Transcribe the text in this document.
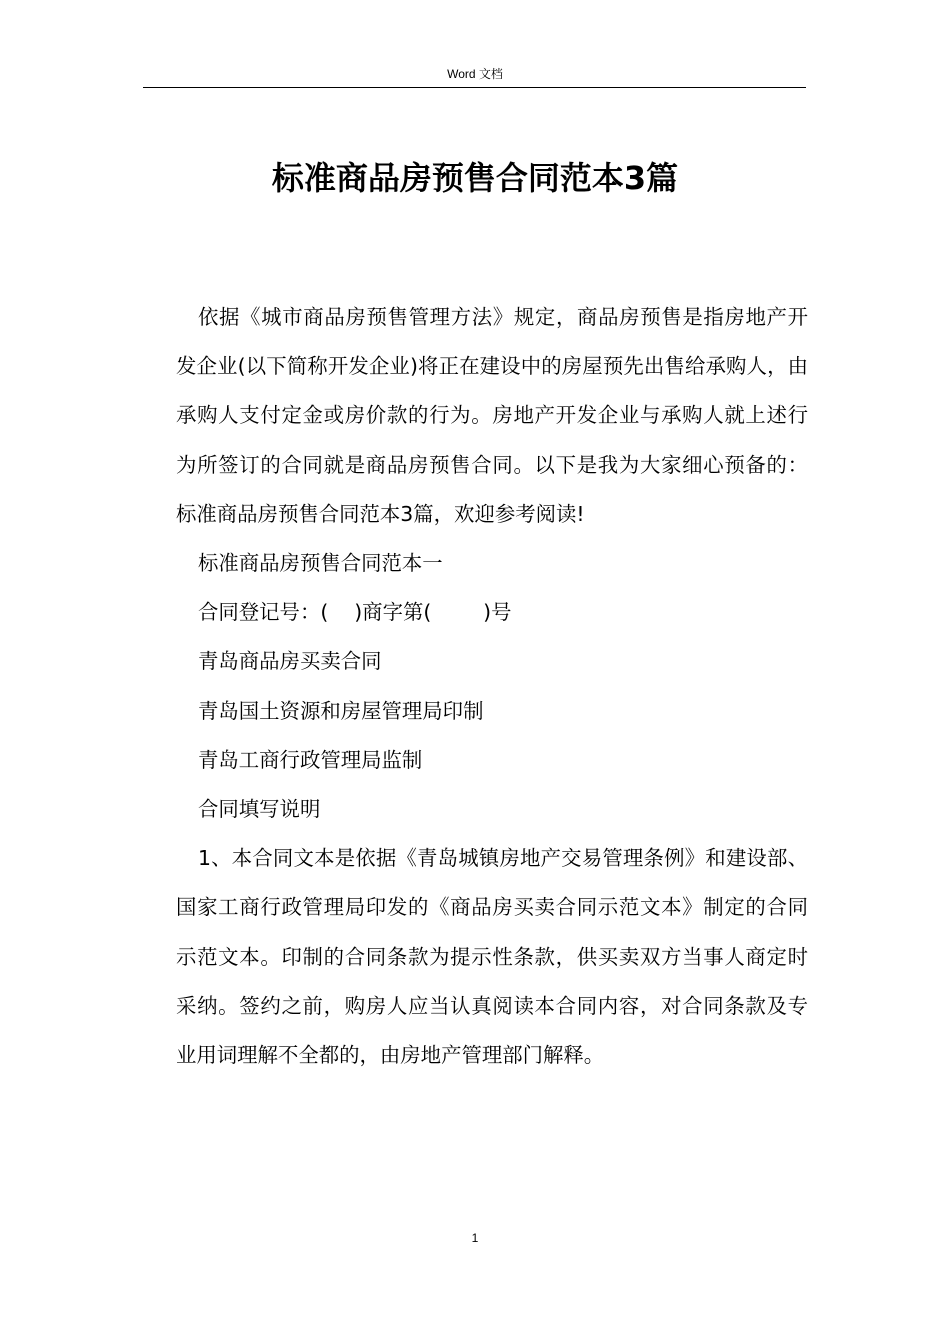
Word 文档
标准商品房预售合同范本3篇

依据《城市商品房预售管理方法》规定，商品房预售是指房地产开发企业(以下简称开发企业)将正在建设中的房屋预先出售给承购人，由承购人支付定金或房价款的行为。房地产开发企业与承购人就上述行为所签订的合同就是商品房预售合同。以下是我为大家细心预备的：标准商品房预售合同范本3篇，欢迎参考阅读!

标准商品房预售合同范本一

合同登记号：(    )商字第(        )号

青岛商品房买卖合同

青岛国土资源和房屋管理局印制

青岛工商行政管理局监制

合同填写说明

1、本合同文本是依据《青岛城镇房地产交易管理条例》和建设部、国家工商行政管理局印发的《商品房买卖合同示范文本》制定的合同示范文本。印制的合同条款为提示性条款，供买卖双方当事人商定时采纳。签约之前，购房人应当认真阅读本合同内容，对合同条款及专业用词理解不全都的，由房地产管理部门解释。

1
